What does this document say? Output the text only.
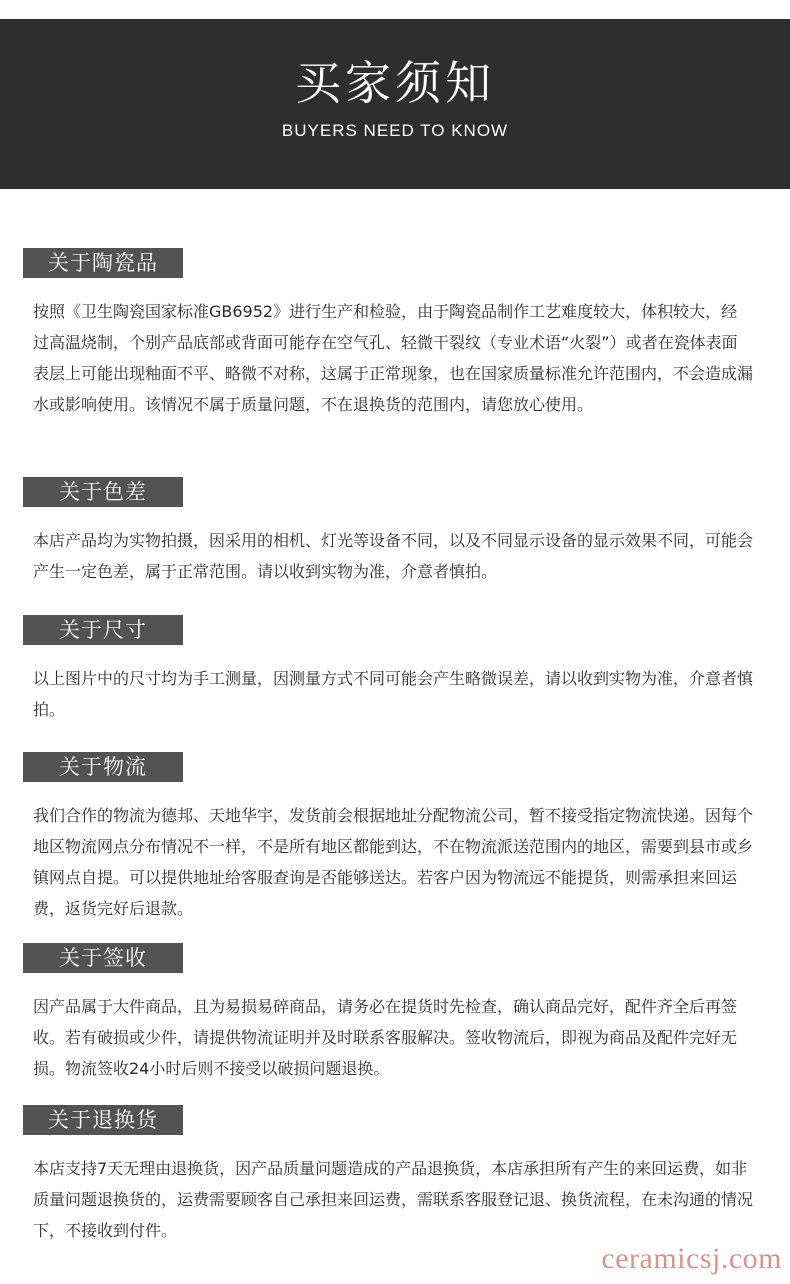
买家须知
BUYERS NEED TO KNOW
关于陶瓷品
按照《卫生陶瓷国家标准GB6952》进行生产和检验，由于陶瓷品制作工艺难度较大，体积较大，经过高温烧制，个别产品底部或背面可能存在空气孔、轻微干裂纹（专业术语“火裂”）或者在瓷体表面表层上可能出现釉面不平、略微不对称，这属于正常现象，也在国家质量标准允许范围内，不会造成漏水或影响使用。该情况不属于质量问题，不在退换货的范围内，请您放心使用。
关于色差
本店产品均为实物拍摄，因采用的相机、灯光等设备不同，以及不同显示设备的显示效果不同，可能会产生一定色差，属于正常范围。请以收到实物为准，介意者慎拍。
关于尺寸
以上图片中的尺寸均为手工测量，因测量方式不同可能会产生略微误差，请以收到实物为准，介意者慎拍。
关于物流
我们合作的物流为德邦、天地华宇，发货前会根据地址分配物流公司，暂不接受指定物流快递。因每个地区物流网点分布情况不一样，不是所有地区都能到达，不在物流派送范围内的地区，需要到县市或乡镇网点自提。可以提供地址给客服查询是否能够送达。若客户因为物流远不能提货，则需承担来回运费，返货完好后退款。
关于签收
因产品属于大件商品，且为易损易碎商品，请务必在提货时先检查，确认商品完好，配件齐全后再签收。若有破损或少件，请提供物流证明并及时联系客服解决。签收物流后，即视为商品及配件完好无损。物流签收24小时后则不接受以破损问题退换。
关于退换货
本店支持7天无理由退换货，因产品质量问题造成的产品退换货，本店承担所有产生的来回运费，如非质量问题退换货的，运费需要顾客自己承担来回运费，需联系客服登记退、换货流程，在未沟通的情况下，不接收到付件。
ceramicsj.com
